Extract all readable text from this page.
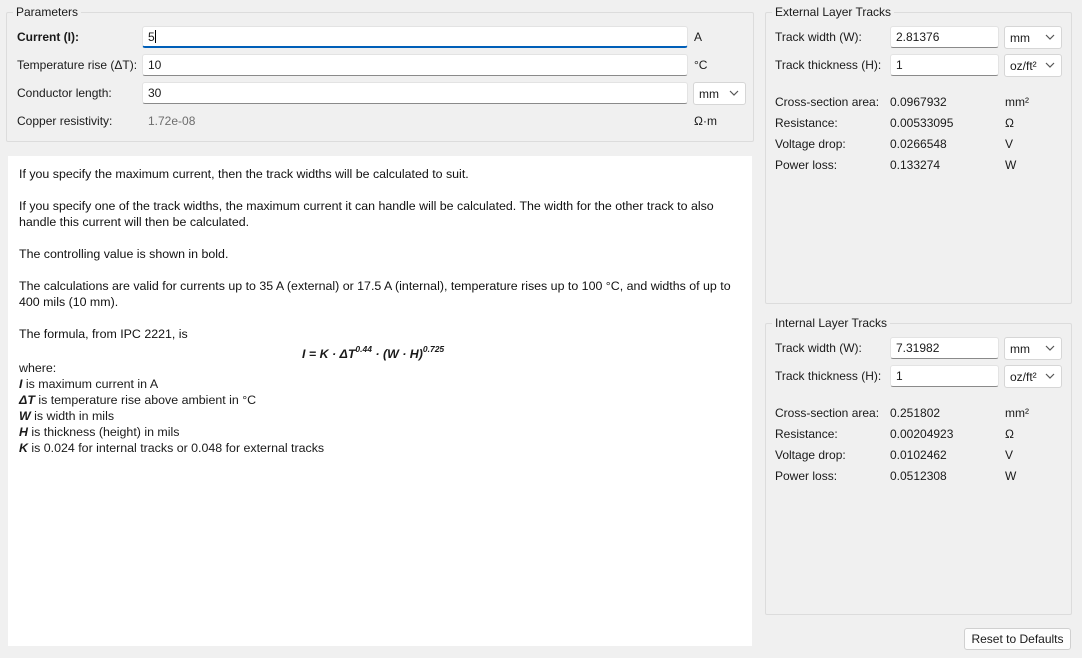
Parameters
Current (I):	5	A
Temperature rise (ΔT): 10	°C
Conductor length:	30	mm
Copper resistivity:	1.72e-08	Ω·m

If you specify the maximum current, then the track widths will be calculated to suit.

If you specify one of the track widths, the maximum current it can handle will be calculated. The width for the other track to also handle this current will then be calculated.

The controlling value is shown in bold.

The calculations are valid for currents up to 35 A (external) or 17.5 A (internal), temperature rises up to 100 °C, and widths of up to 400 mils (10 mm).

The formula, from IPC 2221, is

$I = K \cdot \Delta T^{0.44} \cdot (W \cdot H)^{0.725}$
where:
I is maximum current in A
ΔT is temperature rise above ambient in °C
W is width in mils
H is thickness (height) in mils
K is 0.024 for internal tracks or 0.048 for external tracks
External Layer Tracks
Track width (W):	2.81376	mm
Track thickness (H):	1	oz/ft²
Cross-section area: 0.0967932	mm²
Resistance:	0.00533095	Ω
Voltage drop:	0.0266548	V
Power loss:	0.133274	W
Internal Layer Tracks
Track width (W):	7.31982	mm
Track thickness (H):	1	oz/ft²
Cross-section area: 0.251802	mm²
Resistance:	0.00204923	Ω
Voltage drop:	0.0102462	V
Power loss:	0.0512308	W
Reset to Defaults
